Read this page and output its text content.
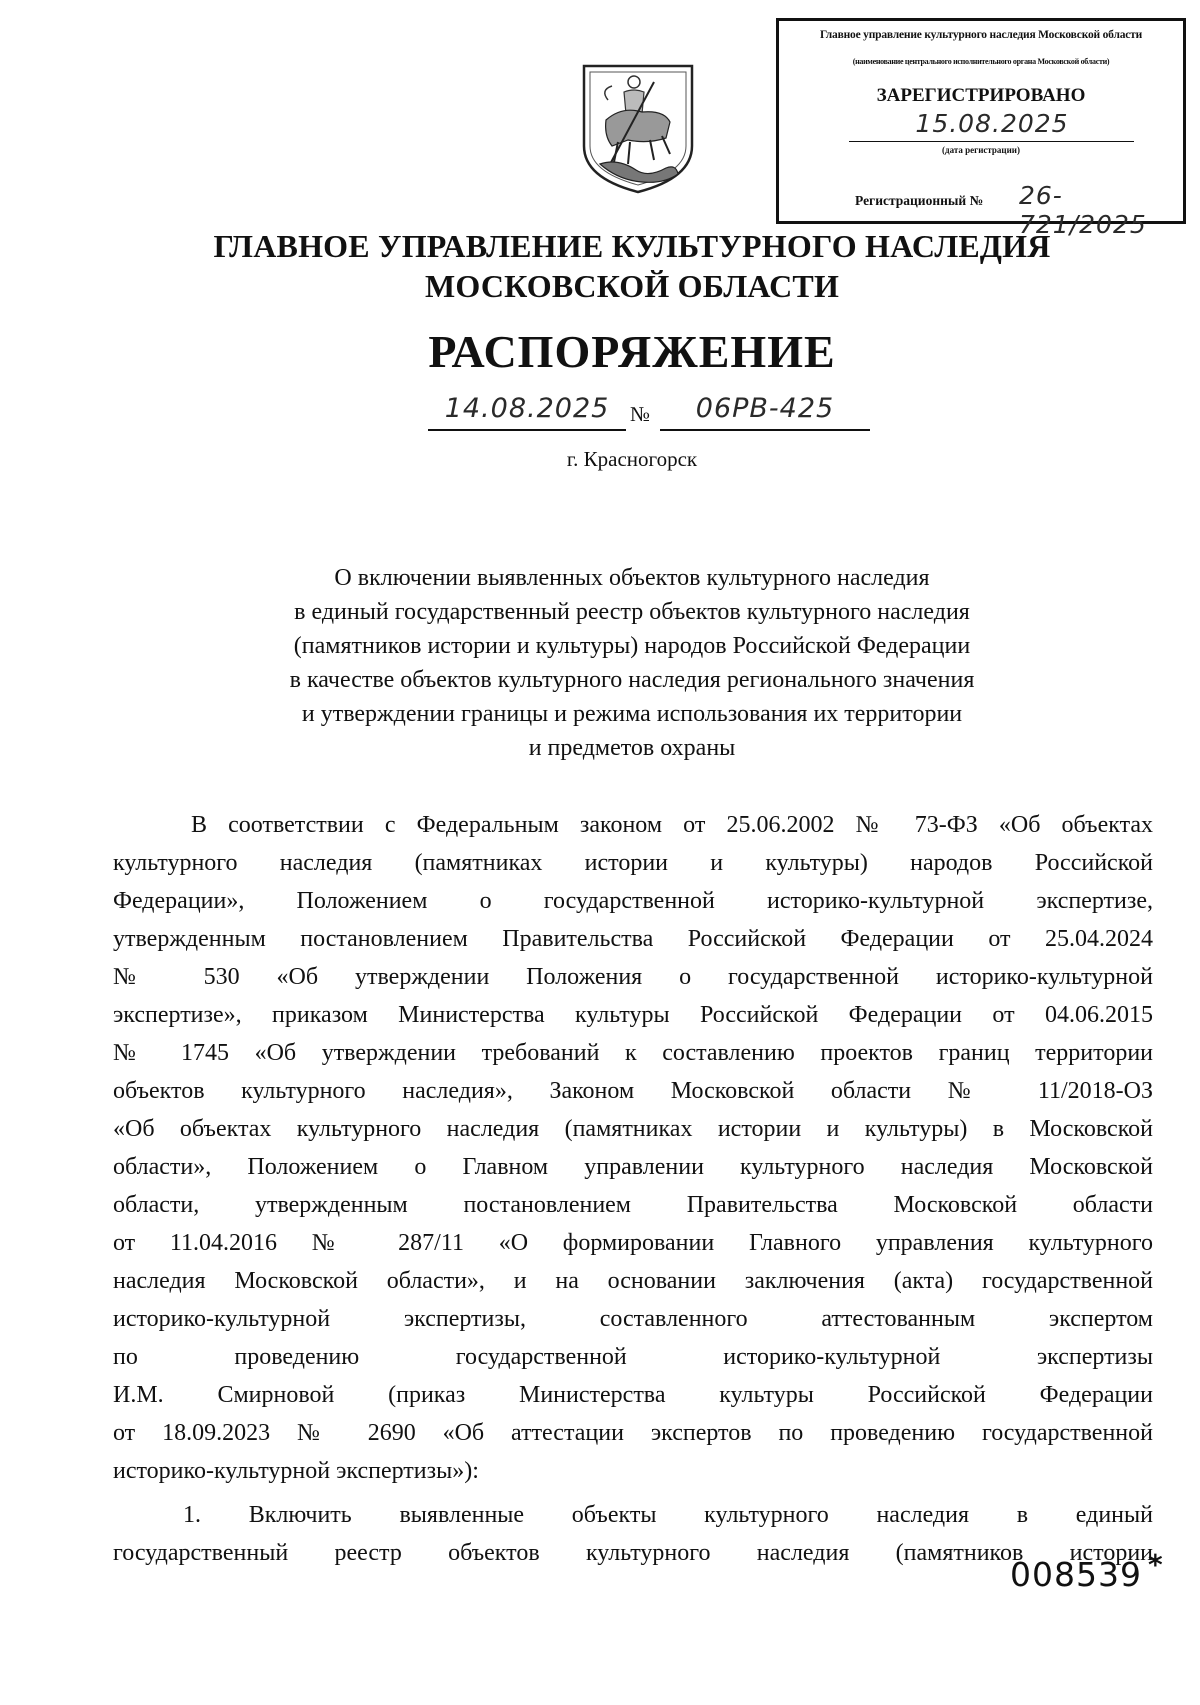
Главное управление культурного наследия Московской области
(наименование центрального исполнительного органа Московской области)
ЗАРЕГИСТРИРОВАНО
15.08.2025
(дата регистрации)
Регистрационный № 26-721/2025
ГЛАВНОЕ УПРАВЛЕНИЕ КУЛЬТУРНОГО НАСЛЕДИЯ
МОСКОВСКОЙ ОБЛАСТИ
РАСПОРЯЖЕНИЕ
14.08.2025 №	06РВ-425
г. Красногорск
О включении выявленных объектов культурного наследия
в единый государственный реестр объектов культурного наследия
(памятников истории и культуры) народов Российской Федерации
в качестве объектов культурного наследия регионального значения
и утверждении границы и режима использования их территории
и предметов охраны
В соответствии с Федеральным законом от 25.06.2002 № 73-ФЗ «Об объектах
культурного наследия (памятниках истории и культуры) народов Российской
Федерации», Положением о государственной историко-культурной экспертизе,
утвержденным постановлением Правительства Российской Федерации от 25.04.2024
№ 530 «Об утверждении Положения о государственной историко-культурной
экспертизе», приказом Министерства культуры Российской Федерации от 04.06.2015
№ 1745 «Об утверждении требований к составлению проектов границ территории
объектов культурного наследия», Законом Московской области № 11/2018-ОЗ
«Об объектах культурного наследия (памятниках истории и культуры) в Московской
области», Положением о Главном управлении культурного наследия Московской
области, утвержденным постановлением Правительства Московской области
от 11.04.2016 № 287/11 «О формировании Главного управления культурного
наследия Московской области», и на основании заключения (акта) государственной
историко-культурной экспертизы, составленного аттестованным экспертом
по проведению государственной историко-культурной экспертизы
И.М. Смирновой (приказ Министерства культуры Российской Федерации
от 18.09.2023 № 2690 «Об аттестации экспертов по проведению государственной
историко-культурной экспертизы»):
1. Включить выявленные объекты культурного наследия в единый
государственный реестр объектов культурного наследия (памятников истории
008539 *
